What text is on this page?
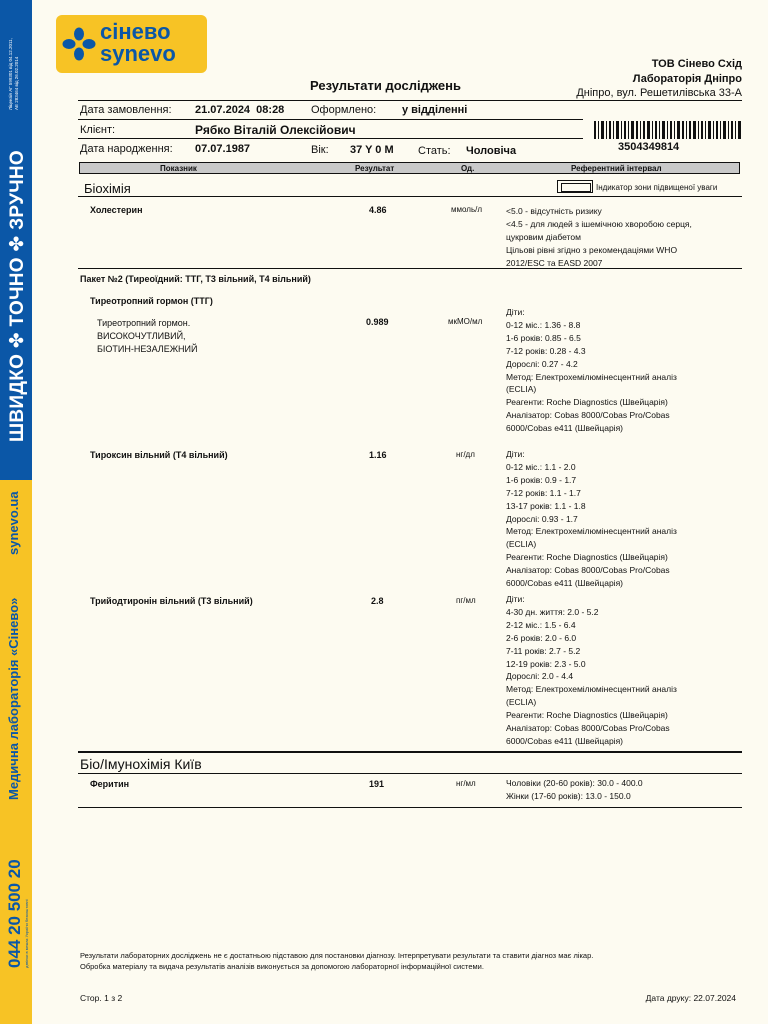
Ліцензія АГ 599301 від 04.12.2011, АЕ 283464 від 26.02.2014
ШВИДКО ✤ ТОЧНО ✤ ЗРУЧНО
synevo.ua
Медична лабораторія «Сінево»
044 20 500 20 дзвінки в межах України безкоштовні
сінево
synevo
Результати досліджень
ТОВ Сінево Схід
Лабораторія Дніпро
Дніпро, вул. Решетилівська 33-А
Дата замовлення: 21.07.2024  08:28 Оформлено: у відділенні
Клієнт:	Рябко Віталій Олексійович
Дата народження: 07.07.1987	Вік: 37 Y 0 M Стать: Чоловіча	3504349814
Показник	Результат	Од.	Референтний інтервал
Біохімія	Індикатор зони підвищеної уваги
Холестерин	4.86	ммоль/л	<5.0 - відсутність ризику
<4.5 - для людей з ішемічною хворобою серця,
цукровим діабетом
Цільові рівні згідно з рекомендаціями WHO
2012/ESC та EASD 2007
Пакет №2 (Тиреоїдний: ТТГ, Т3 вільний, Т4 вільний)
Тиреотропний гормон (ТТГ)
Тиреотропний гормон.
ВИСОКОЧУТЛИВИЙ,
БІОТИН-НЕЗАЛЕЖНИЙ
0.989	мкМО/мл
Діти:
0-12 міс.: 1.36 - 8.8
1-6 років: 0.85 - 6.5
7-12 років: 0.28 - 4.3
Дорослі: 0.27 - 4.2
Метод: Електрохемілюмінесцентний аналіз
(ECLIA)
Реагенти: Roche Diagnostics (Швейцарія)
Аналізатор: Cobas 8000/Cobas Pro/Cobas
6000/Cobas e411 (Швейцарія)
Тироксин вільний (Т4 вільний)	1.16	нг/дл	Діти:
0-12 міс.: 1.1 - 2.0
1-6 років: 0.9 - 1.7
7-12 років: 1.1 - 1.7
13-17 років: 1.1 - 1.8
Дорослі: 0.93 - 1.7
Метод: Електрохемілюмінесцентний аналіз
(ECLIA)
Реагенти: Roche Diagnostics (Швейцарія)
Аналізатор: Cobas 8000/Cobas Pro/Cobas
6000/Cobas e411 (Швейцарія)
Трийодтиронін вільний (Т3 вільний)	2.8	пг/мл	Діти:
4-30 дн. життя: 2.0 - 5.2
2-12 міс.: 1.5 - 6.4
2-6 років: 2.0 - 6.0
7-11 років: 2.7 - 5.2
12-19 років: 2.3 - 5.0
Дорослі: 2.0 - 4.4
Метод: Електрохемілюмінесцентний аналіз
(ECLIA)
Реагенти: Roche Diagnostics (Швейцарія)
Аналізатор: Cobas 8000/Cobas Pro/Cobas
6000/Cobas e411 (Швейцарія)
Біо/Імунохімія Київ
Феритин	191	нг/мл	Чоловіки (20-60 років): 30.0 - 400.0
Жінки (17-60 років): 13.0 - 150.0
Результати лабораторних досліджень не є достатньою підставою для постановки діагнозу. Інтерпретувати результати та ставити діагноз має лікар.
Обробка матеріалу та видача результатів аналізів виконується за допомогою лабораторної інформаційної системи.
Стор. 1 з 2	Дата друку: 22.07.2024
